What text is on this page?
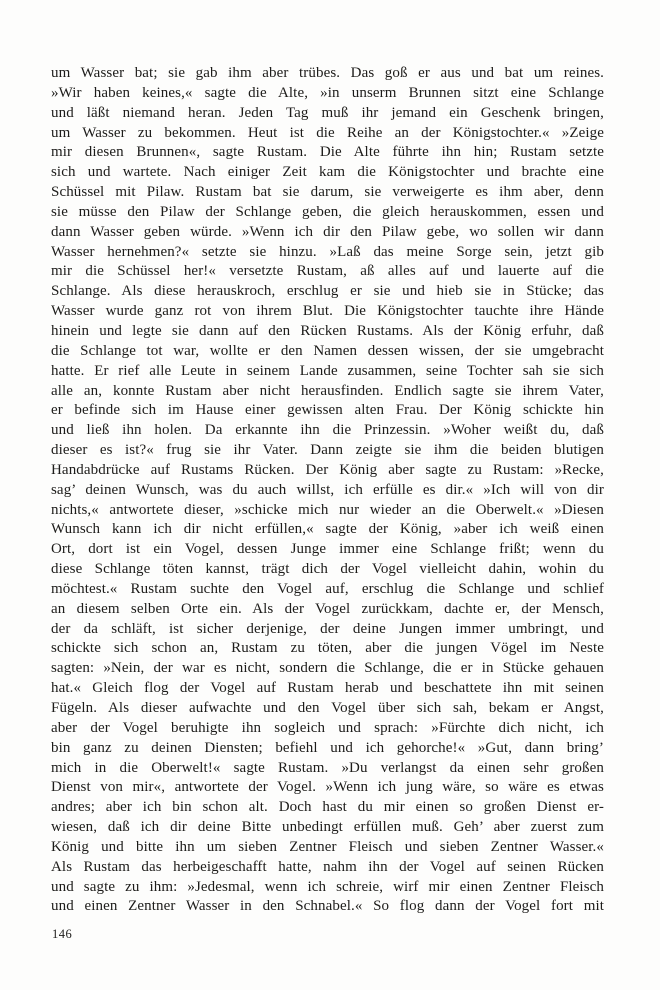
um Wasser bat; sie gab ihm aber trübes. Das goß er aus und bat um reines.
»Wir haben keines,« sagte die Alte, »in unserm Brunnen sitzt eine Schlange
und läßt niemand heran. Jeden Tag muß ihr jemand ein Geschenk bringen,
um Wasser zu bekommen. Heut ist die Reihe an der Königstochter.« »Zeige
mir diesen Brunnen«, sagte Rustam. Die Alte führte ihn hin; Rustam setzte
sich und wartete. Nach einiger Zeit kam die Königstochter und brachte eine
Schüssel mit Pilaw. Rustam bat sie darum, sie verweigerte es ihm aber, denn
sie müsse den Pilaw der Schlange geben, die gleich herauskommen, essen und
dann Wasser geben würde. »Wenn ich dir den Pilaw gebe, wo sollen wir dann
Wasser hernehmen?« setzte sie hinzu. »Laß das meine Sorge sein, jetzt gib
mir die Schüssel her!« versetzte Rustam, aß alles auf und lauerte auf die
Schlange. Als diese herauskroch, erschlug er sie und hieb sie in Stücke; das
Wasser wurde ganz rot von ihrem Blut. Die Königstochter tauchte ihre Hände
hinein und legte sie dann auf den Rücken Rustams. Als der König erfuhr, daß
die Schlange tot war, wollte er den Namen dessen wissen, der sie umgebracht
hatte. Er rief alle Leute in seinem Lande zusammen, seine Tochter sah sie sich
alle an, konnte Rustam aber nicht herausfinden. Endlich sagte sie ihrem Vater,
er befinde sich im Hause einer gewissen alten Frau. Der König schickte hin
und ließ ihn holen. Da erkannte ihn die Prinzessin. »Woher weißt du, daß
dieser es ist?« frug sie ihr Vater. Dann zeigte sie ihm die beiden blutigen
Handabdrücke auf Rustams Rücken. Der König aber sagte zu Rustam: »Recke,
sag’ deinen Wunsch, was du auch willst, ich erfülle es dir.« »Ich will von dir
nichts,« antwortete dieser, »schicke mich nur wieder an die Oberwelt.« »Diesen
Wunsch kann ich dir nicht erfüllen,« sagte der König, »aber ich weiß einen
Ort, dort ist ein Vogel, dessen Junge immer eine Schlange frißt; wenn du
diese Schlange töten kannst, trägt dich der Vogel vielleicht dahin, wohin du
möchtest.« Rustam suchte den Vogel auf, erschlug die Schlange und schlief
an diesem selben Orte ein. Als der Vogel zurückkam, dachte er, der Mensch,
der da schläft, ist sicher derjenige, der deine Jungen immer umbringt, und
schickte sich schon an, Rustam zu töten, aber die jungen Vögel im Neste
sagten: »Nein, der war es nicht, sondern die Schlange, die er in Stücke gehauen
hat.« Gleich flog der Vogel auf Rustam herab und beschattete ihn mit seinen
Fügeln. Als dieser aufwachte und den Vogel über sich sah, bekam er Angst,
aber der Vogel beruhigte ihn sogleich und sprach: »Fürchte dich nicht, ich
bin ganz zu deinen Diensten; befiehl und ich gehorche!« »Gut, dann bring’
mich in die Oberwelt!« sagte Rustam. »Du verlangst da einen sehr großen
Dienst von mir«, antwortete der Vogel. »Wenn ich jung wäre, so wäre es etwas
andres; aber ich bin schon alt. Doch hast du mir einen so großen Dienst er-
wiesen, daß ich dir deine Bitte unbedingt erfüllen muß. Geh’ aber zuerst zum
König und bitte ihn um sieben Zentner Fleisch und sieben Zentner Wasser.«
Als Rustam das herbeigeschafft hatte, nahm ihn der Vogel auf seinen Rücken
und sagte zu ihm: »Jedesmal, wenn ich schreie, wirf mir einen Zentner Fleisch
und einen Zentner Wasser in den Schnabel.« So flog dann der Vogel fort mit
146
